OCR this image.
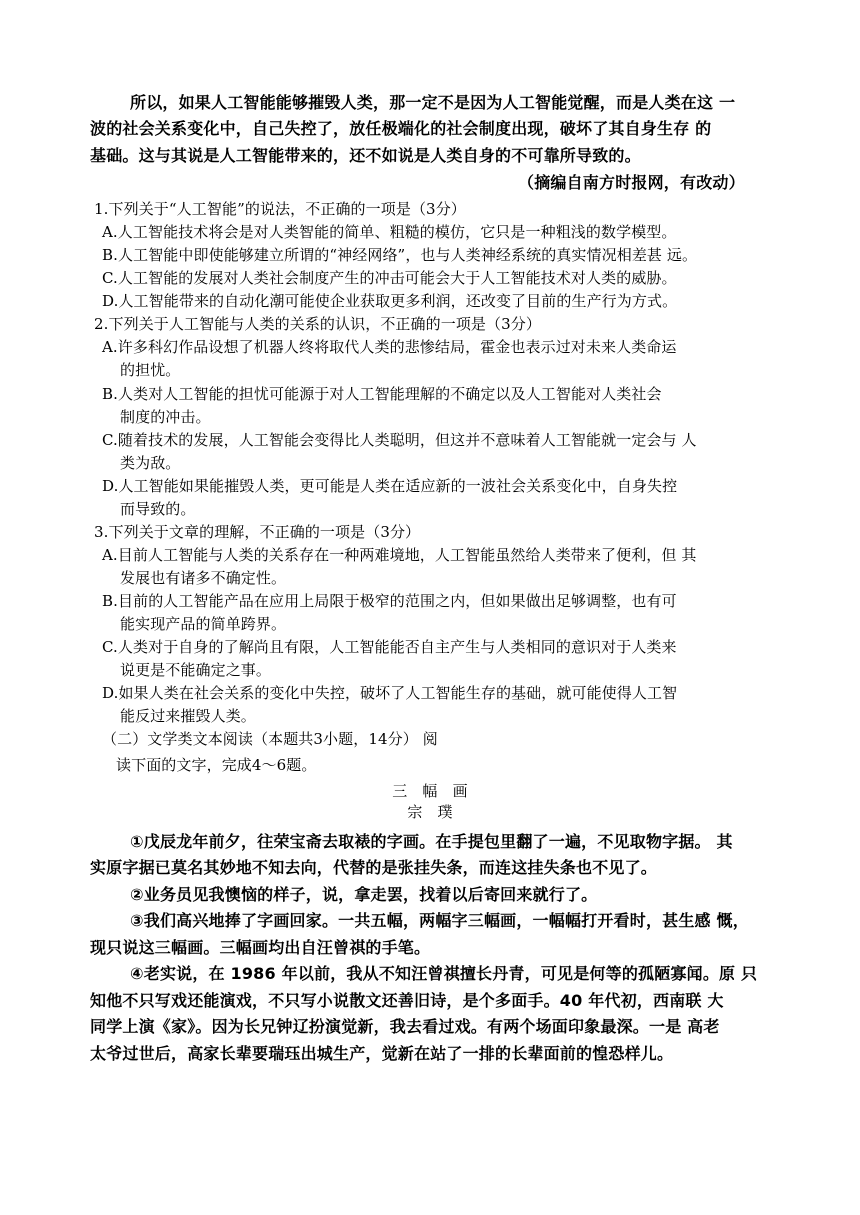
所以，如果人工智能能够摧毁人类，那一定不是因为人工智能觉醒，而是人类在这 一
波的社会关系变化中，自己失控了，放任极端化的社会制度出现，破坏了其自身生存 的
基础。这与其说是人工智能带来的，还不如说是人类自身的不可靠所导致的。
（摘编自南方时报网，有改动）
1.下列关于“人工智能”的说法，不正确的一项是（3分）
A.人工智能技术将会是对人类智能的简单、粗糙的模仿，它只是一种粗浅的数学模型。
B.人工智能中即使能够建立所谓的“神经网络”，也与人类神经系统的真实情况相差甚 远。
C.人工智能的发展对人类社会制度产生的冲击可能会大于人工智能技术对人类的威胁。
D.人工智能带来的自动化潮可能使企业获取更多利润，还改变了目前的生产行为方式。
2.下列关于人工智能与人类的关系的认识，不正确的一项是（3分）
A.许多科幻作品设想了机器人终将取代人类的悲惨结局，霍金也表示过对未来人类命运
的担忧。
B.人类对人工智能的担忧可能源于对人工智能理解的不确定以及人工智能对人类社会
制度的冲击。
C.随着技术的发展，人工智能会变得比人类聪明，但这并不意味着人工智能就一定会与 人
类为敌。
D.人工智能如果能摧毁人类，更可能是人类在适应新的一波社会关系变化中，自身失控
而导致的。
3.下列关于文章的理解，不正确的一项是（3分）
A.目前人工智能与人类的关系存在一种两难境地，人工智能虽然给人类带来了便利，但 其
发展也有诸多不确定性。
B.目前的人工智能产品在应用上局限于极窄的范围之内，但如果做出足够调整，也有可
能实现产品的简单跨界。
C.人类对于自身的了解尚且有限，人工智能能否自主产生与人类相同的意识对于人类来
说更是不能确定之事。
D.如果人类在社会关系的变化中失控，破坏了人工智能生存的基础，就可能使得人工智
能反过来摧毁人类。
（二）文学类文本阅读（本题共3小题，14分） 阅
读下面的文字，完成4～6题。
三　幅　画
宗　璞
①戊辰龙年前夕，往荣宝斋去取裱的字画。在手提包里翻了一遍，不见取物字据。 其
实原字据已莫名其妙地不知去向，代替的是张挂失条，而连这挂失条也不见了。
②业务员见我懊恼的样子，说，拿走罢，找着以后寄回来就行了。
③我们高兴地捧了字画回家。一共五幅，两幅字三幅画，一幅幅打开看时，甚生感 慨，
现只说这三幅画。三幅画均出自汪曾祺的手笔。
④老实说，在 1986 年以前，我从不知汪曾祺擅长丹青，可见是何等的孤陋寡闻。原 只
知他不只写戏还能演戏，不只写小说散文还善旧诗，是个多面手。40 年代初，西南联 大
同学上演《家》。因为长兄钟辽扮演觉新，我去看过戏。有两个场面印象最深。一是 高老
太爷过世后，高家长辈要瑞珏出城生产，觉新在站了一排的长辈面前的惶恐样儿。
